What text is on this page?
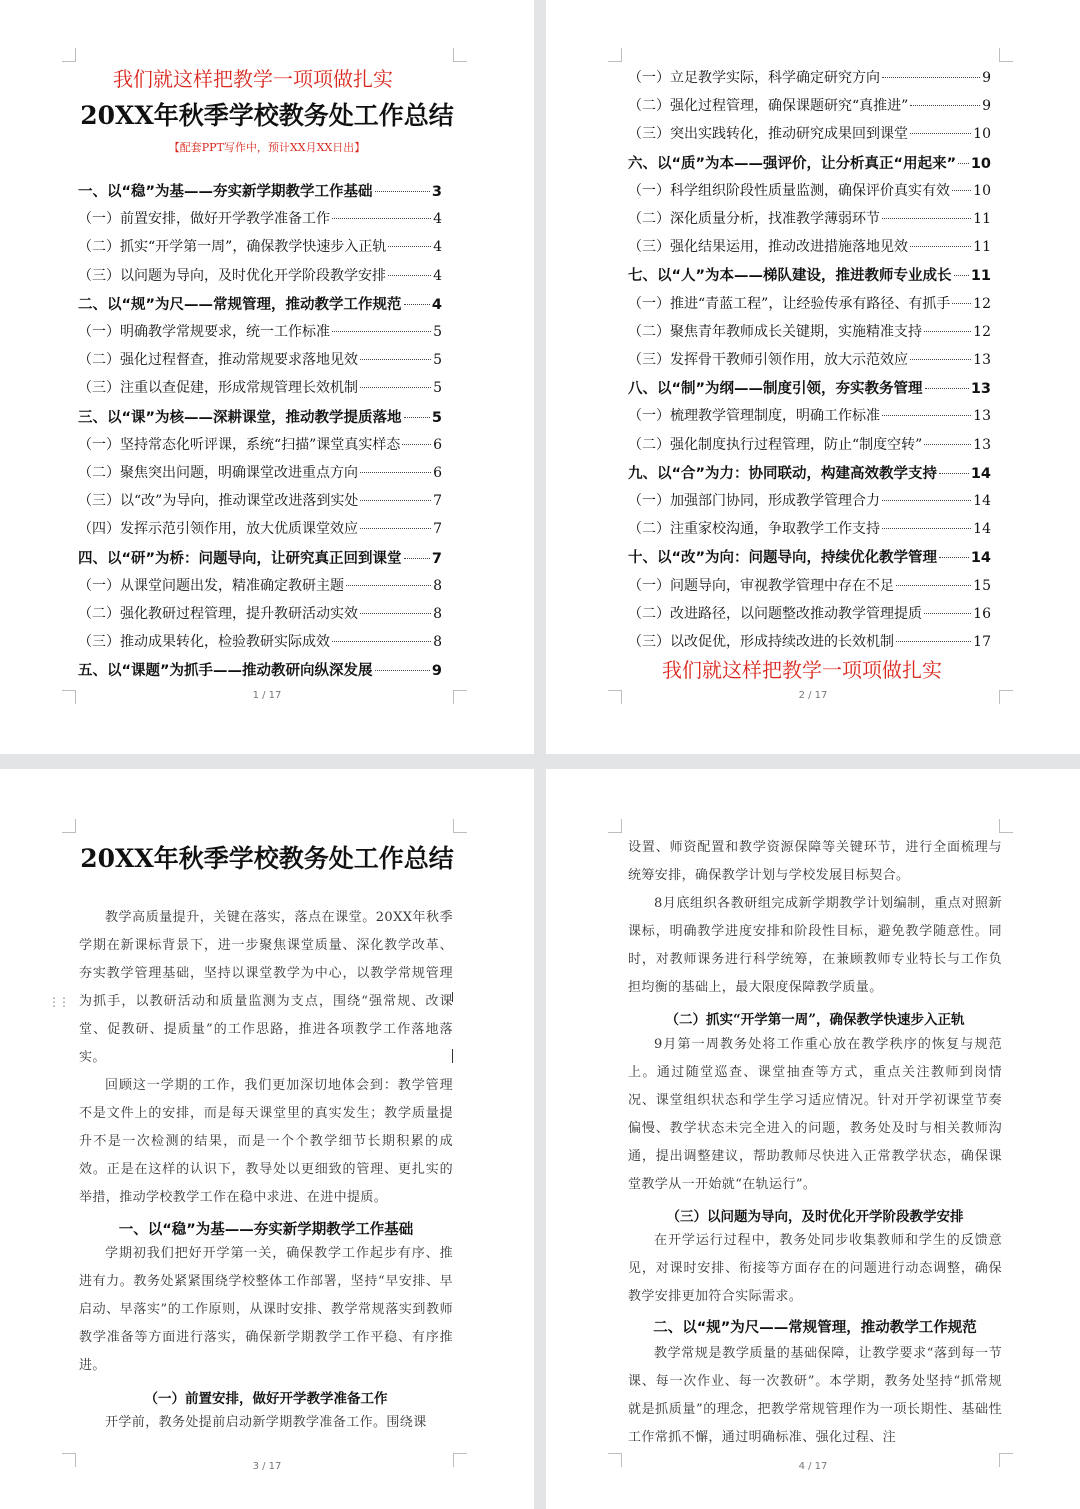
我们就这样把教学一项项做扎实
20XX年秋季学校教务处工作总结
【配套PPT写作中，预计XX月XX日出】
一、以“稳”为基——夯实新学期教学工作基础	3
（一）前置安排，做好开学教学准备工作	4
（二）抓实“开学第一周”，确保教学快速步入正轨	4
（三）以问题为导向，及时优化开学阶段教学安排	4
二、以“规”为尺——常规管理，推动教学工作规范 4
（一）明确教学常规要求，统一工作标准	5
（二）强化过程督查，推动常规要求落地见效	5
（三）注重以查促建，形成常规管理长效机制	5
三、以“课”为核——深耕课堂，推动教学提质落地 5
（一）坚持常态化听评课，系统“扫描”课堂真实样态 6
（二）聚焦突出问题，明确课堂改进重点方向	6
（三）以“改”为导向，推动课堂改进落到实处	7
（四）发挥示范引领作用，放大优质课堂效应	7
四、以“研”为桥：问题导向，让研究真正回到课堂 7
（一）从课堂问题出发，精准确定教研主题	8
（二）强化教研过程管理，提升教研活动实效	8
（三）推动成果转化，检验教研实际成效	8
五、以“课题”为抓手——推动教研向纵深发展	9
1 / 17
（一）立足教学实际，科学确定研究方向	9
（二）强化过程管理，确保课题研究“真推进”	9
（三）突出实践转化，推动研究成果回到课堂	10
六、以“质”为本——强评价，让分析真正“用起来” 10
（一）科学组织阶段性质量监测，确保评价真实有效 10
（二）深化质量分析，找准教学薄弱环节	11
（三）强化结果运用，推动改进措施落地见效	11
七、以“人”为本——梯队建设，推进教师专业成长 11
（一）推进“青蓝工程”，让经验传承有路径、有抓手 12
（二）聚焦青年教师成长关键期，实施精准支持	12
（三）发挥骨干教师引领作用，放大示范效应	13
八、以“制”为纲——制度引领，夯实教务管理	13
（一）梳理教学管理制度，明确工作标准	13
（二）强化制度执行过程管理，防止“制度空转”	13
九、以“合”为力：协同联动，构建高效教学支持 14
（一）加强部门协同，形成教学管理合力	14
（二）注重家校沟通，争取教学工作支持	14
十、以“改”为向：问题导向，持续优化教学管理 14
（一）问题导向，审视教学管理中存在不足	15
（二）改进路径，以问题整改推动教学管理提质	16
（三）以改促优，形成持续改进的长效机制	17
我们就这样把教学一项项做扎实
2 / 17
20XX年秋季学校教务处工作总结
⋮⋮
教学高质量提升，关键在落实，落点在课堂。20XX年秋季学期在新课标背景下，进一步聚焦课堂质量、深化教学改革、夯实教学管理基础，坚持以课堂教学为中心，以教学常规管理为抓手，以教研活动和质量监测为支点，围绕“强常规、改课堂、促教研、提质量”的工作思路，推进各项教学工作落地落实。
回顾这一学期的工作，我们更加深切地体会到：教学管理不是文件上的安排，而是每天课堂里的真实发生；教学质量提升不是一次检测的结果，而是一个个教学细节长期积累的成效。正是在这样的认识下，教导处以更细致的管理、更扎实的举措，推动学校教学工作在稳中求进、在进中提质。
一、以“稳”为基——夯实新学期教学工作基础
学期初我们把好开学第一关，确保教学工作起步有序、推进有力。教务处紧紧围绕学校整体工作部署，坚持“早安排、早启动、早落实”的工作原则，从课时安排、教学常规落实到教师教学准备等方面进行落实，确保新学期教学工作平稳、有序推进。
（一）前置安排，做好开学教学准备工作
开学前，教务处提前启动新学期教学准备工作。围绕课
3 / 17
设置、师资配置和教学资源保障等关键环节，进行全面梳理与统筹安排，确保教学计划与学校发展目标契合。
8月底组织各教研组完成新学期教学计划编制，重点对照新课标，明确教学进度安排和阶段性目标，避免教学随意性。同时，对教师课务进行科学统筹，在兼顾教师专业特长与工作负担均衡的基础上，最大限度保障教学质量。
（二）抓实“开学第一周”，确保教学快速步入正轨
9月第一周教务处将工作重心放在教学秩序的恢复与规范上。通过随堂巡查、课堂抽查等方式，重点关注教师到岗情况、课堂组织状态和学生学习适应情况。针对开学初课堂节奏偏慢、教学状态未完全进入的问题，教务处及时与相关教师沟通，提出调整建议，帮助教师尽快进入正常教学状态，确保课堂教学从一开始就“在轨运行”。
（三）以问题为导向，及时优化开学阶段教学安排
在开学运行过程中，教务处同步收集教师和学生的反馈意见，对课时安排、衔接等方面存在的问题进行动态调整，确保教学安排更加符合实际需求。
二、以“规”为尺——常规管理，推动教学工作规范
教学常规是教学质量的基础保障，让教学要求“落到每一节课、每一次作业、每一次教研”。本学期，教务处坚持“抓常规就是抓质量”的理念，把教学常规管理作为一项长期性、基础性工作常抓不懈，通过明确标准、强化过程、注
4 / 17
